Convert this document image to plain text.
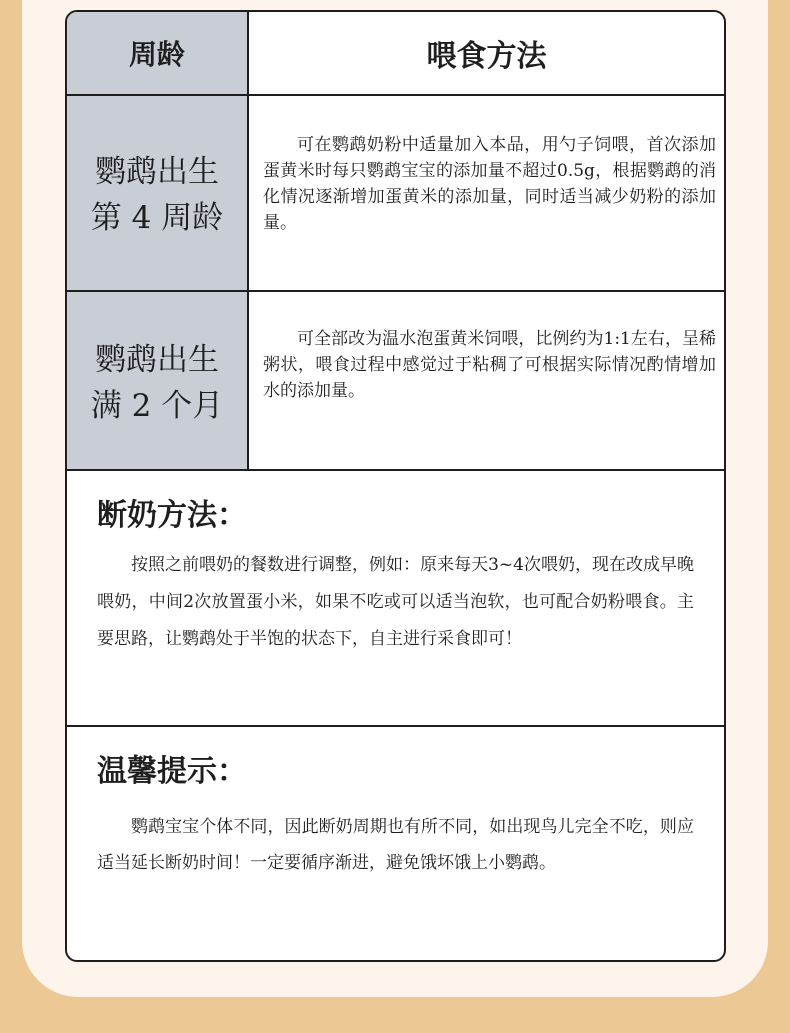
周龄	喂食方法
鹦鹉出生
第 4 周龄

可在鹦鹉奶粉中适量加入本品，用勺子饲喂，首次添加蛋黄米时每只鹦鹉宝宝的添加量不超过0.5g，根据鹦鹉的消化情况逐渐增加蛋黄米的添加量，同时适当减少奶粉的添加量。

鹦鹉出生
满 2 个月

可全部改为温水泡蛋黄米饲喂，比例约为1:1左右，呈稀粥状，喂食过程中感觉过于粘稠了可根据实际情况酌情增加水的添加量。

断奶方法：

按照之前喂奶的餐数进行调整，例如：原来每天3~4次喂奶，现在改成早晚喂奶，中间2次放置蛋小米，如果不吃或可以适当泡软，也可配合奶粉喂食。主要思路，让鹦鹉处于半饱的状态下，自主进行采食即可！

温馨提示：

鹦鹉宝宝个体不同，因此断奶周期也有所不同，如出现鸟儿完全不吃，则应适当延长断奶时间！一定要循序渐进，避免饿坏饿上小鹦鹉。
